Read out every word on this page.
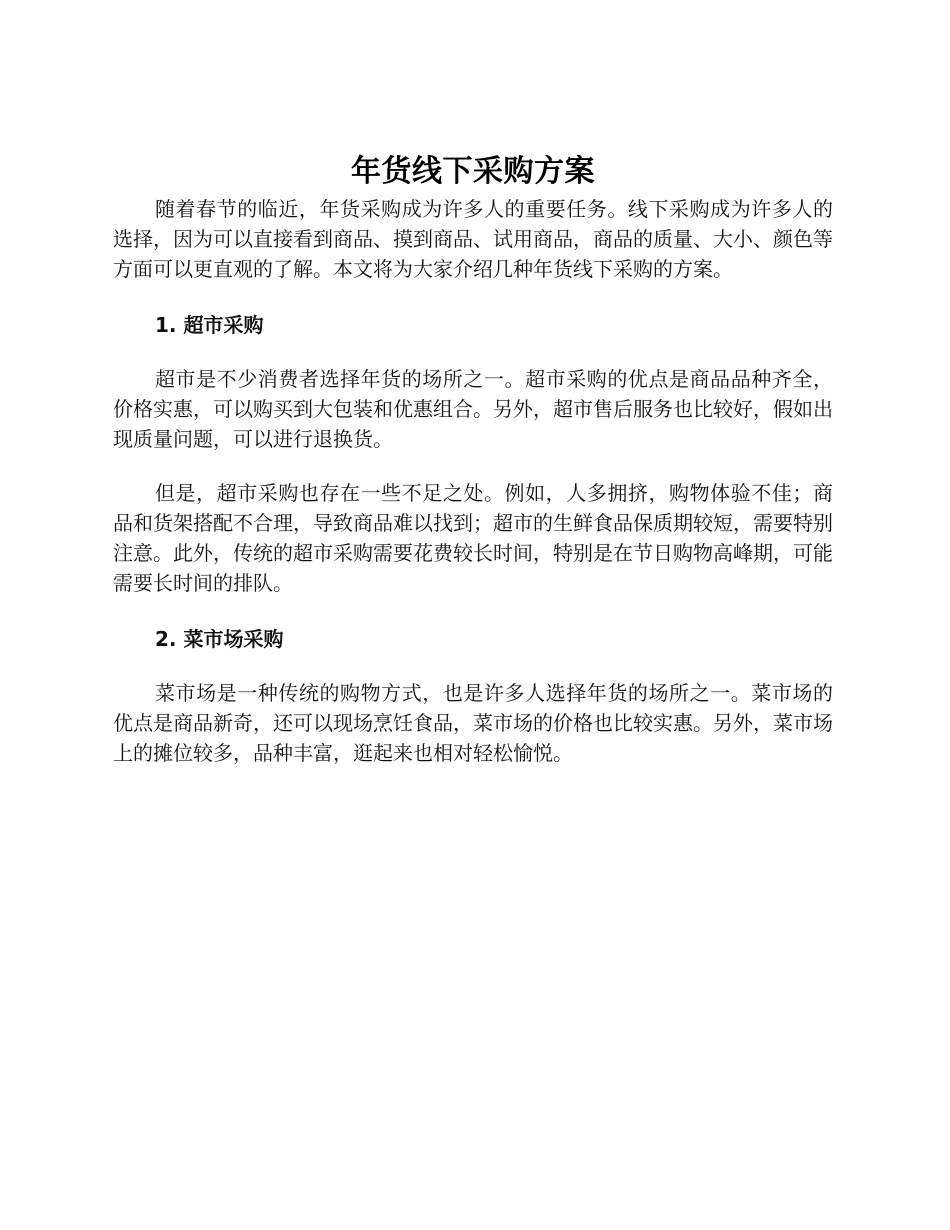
年货线下采购方案

随着春节的临近，年货采购成为许多人的重要任务。线下采购成为许多人的选择，因为可以直接看到商品、摸到商品、试用商品，商品的质量、大小、颜色等方面可以更直观的了解。本文将为大家介绍几种年货线下采购的方案。

1. 超市采购

超市是不少消费者选择年货的场所之一。超市采购的优点是商品品种齐全，价格实惠，可以购买到大包装和优惠组合。另外，超市售后服务也比较好，假如出现质量问题，可以进行退换货。

但是，超市采购也存在一些不足之处。例如，人多拥挤，购物体验不佳；商品和货架搭配不合理，导致商品难以找到；超市的生鲜食品保质期较短，需要特别注意。此外，传统的超市采购需要花费较长时间，特别是在节日购物高峰期，可能需要长时间的排队。

2. 菜市场采购

菜市场是一种传统的购物方式，也是许多人选择年货的场所之一。菜市场的优点是商品新奇，还可以现场烹饪食品，菜市场的价格也比较实惠。另外，菜市场上的摊位较多，品种丰富，逛起来也相对轻松愉悦。
